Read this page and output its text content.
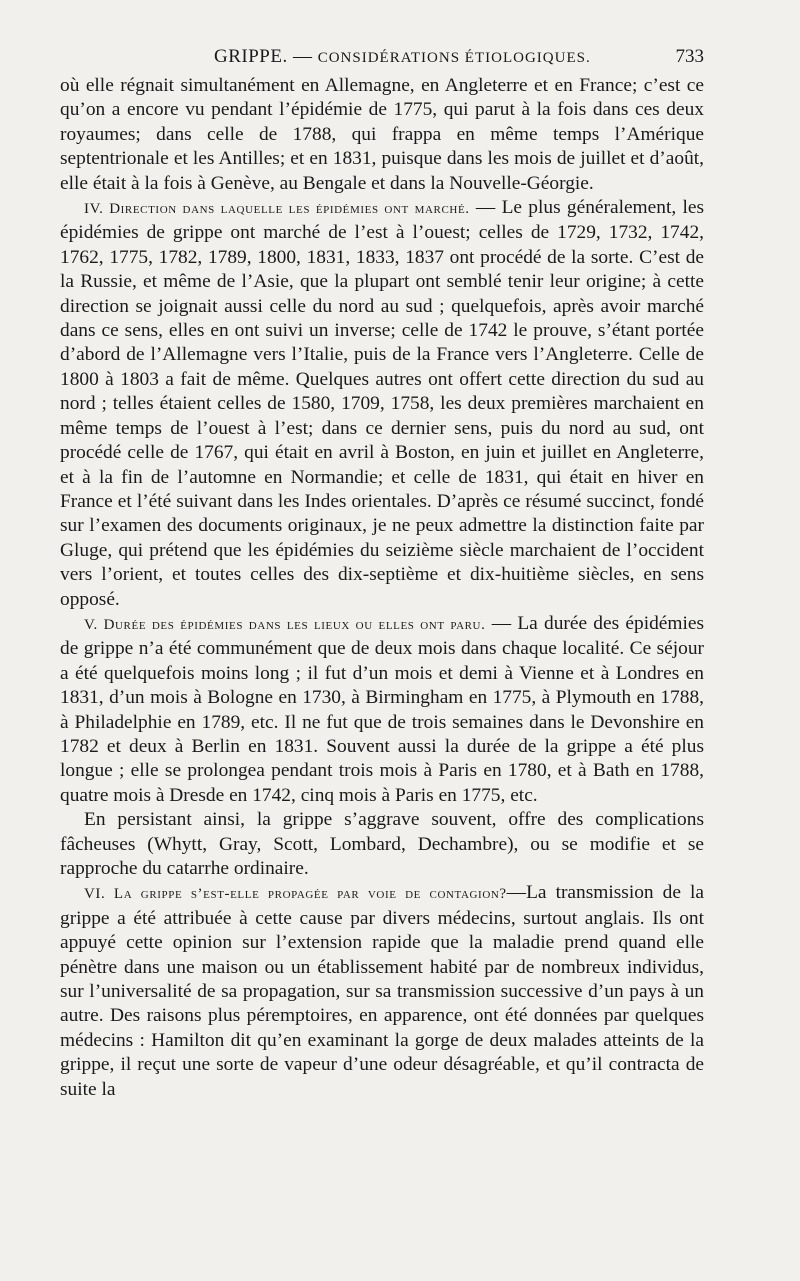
GRIPPE. — CONSIDÉRATIONS ÉTIOLOGIQUES.	733

où elle régnait simultanément en Allemagne, en Angleterre et en France; c’est ce qu’on a encore vu pendant l’épidémie de 1775, qui parut à la fois dans ces deux royaumes; dans celle de 1788, qui frappa en même temps l’Amérique septentrionale et les Antilles; et en 1831, puisque dans les mois de juillet et d’août, elle était à la fois à Genève, au Bengale et dans la Nouvelle-Géorgie.

IV. Direction dans laquelle les épidémies ont marché. — Le plus généralement, les épidémies de grippe ont marché de l’est à l’ouest; celles de 1729, 1732, 1742, 1762, 1775, 1782, 1789, 1800, 1831, 1833, 1837 ont procédé de la sorte. C’est de la Russie, et même de l’Asie, que la plupart ont semblé tenir leur origine; à cette direction se joignait aussi celle du nord au sud ; quelquefois, après avoir marché dans ce sens, elles en ont suivi un inverse; celle de 1742 le prouve, s’étant portée d’abord de l’Allemagne vers l’Italie, puis de la France vers l’Angleterre. Celle de 1800 à 1803 a fait de même. Quelques autres ont offert cette direction du sud au nord ; telles étaient celles de 1580, 1709, 1758, les deux premières marchaient en même temps de l’ouest à l’est; dans ce dernier sens, puis du nord au sud, ont procédé celle de 1767, qui était en avril à Boston, en juin et juillet en Angleterre, et à la fin de l’automne en Normandie; et celle de 1831, qui était en hiver en France et l’été suivant dans les Indes orientales. D’après ce résumé succinct, fondé sur l’examen des documents originaux, je ne peux admettre la distinction faite par Gluge, qui prétend que les épidémies du seizième siècle marchaient de l’occident vers l’orient, et toutes celles des dix-septième et dix-huitième siècles, en sens opposé.

V. Durée des épidémies dans les lieux ou elles ont paru. — La durée des épidémies de grippe n’a été communément que de deux mois dans chaque localité. Ce séjour a été quelquefois moins long ; il fut d’un mois et demi à Vienne et à Londres en 1831, d’un mois à Bologne en 1730, à Birmingham en 1775, à Plymouth en 1788, à Philadelphie en 1789, etc. Il ne fut que de trois semaines dans le Devonshire en 1782 et deux à Berlin en 1831. Souvent aussi la durée de la grippe a été plus longue ; elle se prolongea pendant trois mois à Paris en 1780, et à Bath en 1788, quatre mois à Dresde en 1742, cinq mois à Paris en 1775, etc.

En persistant ainsi, la grippe s’aggrave souvent, offre des complications fâcheuses (Whytt, Gray, Scott, Lombard, Dechambre), ou se modifie et se rapproche du catarrhe ordinaire.

VI. La grippe s’est-elle propagée par voie de contagion?—La transmission de la grippe a été attribuée à cette cause par divers médecins, surtout anglais. Ils ont appuyé cette opinion sur l’extension rapide que la maladie prend quand elle pénètre dans une maison ou un établissement habité par de nombreux individus, sur l’universalité de sa propagation, sur sa transmission successive d’un pays à un autre. Des raisons plus péremptoires, en apparence, ont été données par quelques médecins : Hamilton dit qu’en examinant la gorge de deux malades atteints de la grippe, il reçut une sorte de vapeur d’une odeur désagréable, et qu’il contracta de suite la
